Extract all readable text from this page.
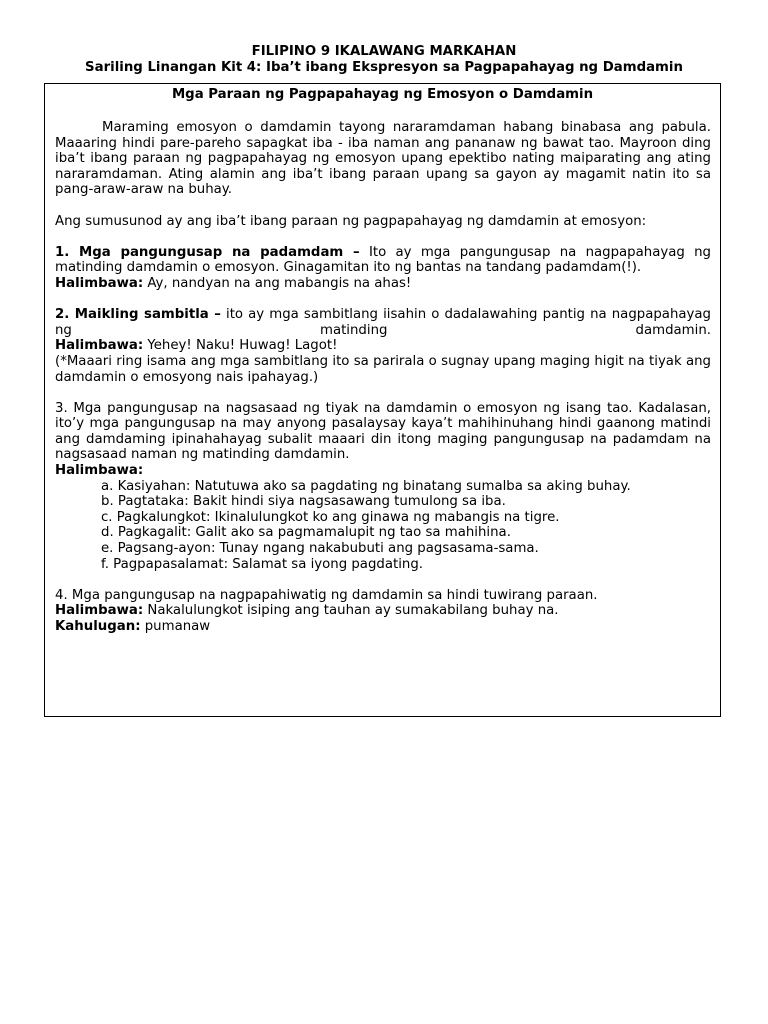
FILIPINO 9 IKALAWANG MARKAHAN
Sariling Linangan Kit 4: Iba’t ibang Ekspresyon sa Pagpapahayag ng Damdamin
Mga Paraan ng Pagpapahayag ng Emosyon o Damdamin

Maraming emosyon o damdamin tayong nararamdaman habang binabasa ang pabula. Maaaring hindi pare-pareho sapagkat iba - iba naman ang pananaw ng bawat tao. Mayroon ding iba’t ibang paraan ng pagpapahayag ng emosyon upang epektibo nating maiparating ang ating nararamdaman. Ating alamin ang iba’t ibang paraan upang sa gayon ay magamit natin ito sa pang-araw-araw na buhay.

Ang sumusunod ay ang iba’t ibang paraan ng pagpapahayag ng damdamin at emosyon:

1. Mga pangungusap na padamdam – Ito ay mga pangungusap na nagpapahayag ng matinding damdamin o emosyon. Ginagamitan ito ng bantas na tandang padamdam(!).

Halimbawa: Ay, nandyan na ang mabangis na ahas!

2. Maikling sambitla – ito ay mga sambitlang iisahin o dadalawahing pantig na nagpapahayag ng matinding damdamin.

Halimbawa: Yehey! Naku! Huwag! Lagot!

(*Maaari ring isama ang mga sambitlang ito sa parirala o sugnay upang maging higit na tiyak ang damdamin o emosyong nais ipahayag.)

3. Mga pangungusap na nagsasaad ng tiyak na damdamin o emosyon ng isang tao. Kadalasan, ito’y mga pangungusap na may anyong pasalaysay kaya’t mahihinuhang hindi gaanong matindi ang damdaming ipinahahayag subalit maaari din itong maging pangungusap na padamdam na nagsasaad naman ng matinding damdamin.

Halimbawa:

a. Kasiyahan: Natutuwa ako sa pagdating ng binatang sumalba sa aking buhay.
b. Pagtataka: Bakit hindi siya nagsasawang tumulong sa iba.
c. Pagkalungkot: Ikinalulungkot ko ang ginawa ng mabangis na tigre.
d. Pagkagalit: Galit ako sa pagmamalupit ng tao sa mahihina.
e. Pagsang-ayon: Tunay ngang nakabubuti ang pagsasama-sama.
f. Pagpapasalamat: Salamat sa iyong pagdating.

4. Mga pangungusap na nagpapahiwatig ng damdamin sa hindi tuwirang paraan.

Halimbawa: Nakalulungkot isiping ang tauhan ay sumakabilang buhay na.

Kahulugan: pumanaw
